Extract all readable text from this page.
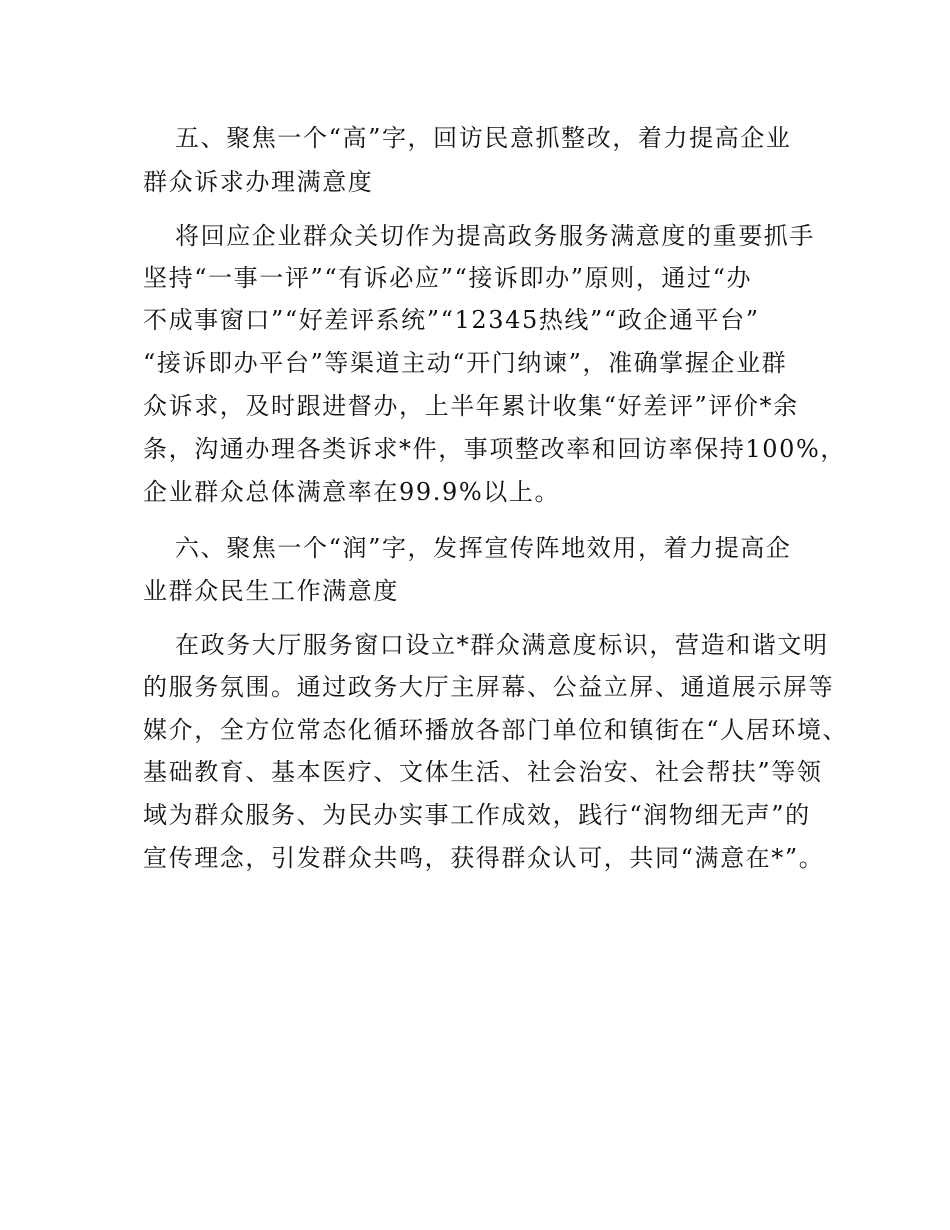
五、聚焦一个“高”字，回访民意抓整改，着力提高企业
群众诉求办理满意度
将回应企业群众关切作为提高政务服务满意度的重要抓手
坚持“一事一评”“有诉必应”“接诉即办”原则，通过“办
不成事窗口”“好差评系统”“12345热线”“政企通平台”
“接诉即办平台”等渠道主动“开门纳谏”，准确掌握企业群
众诉求，及时跟进督办，上半年累计收集“好差评”评价*余
条，沟通办理各类诉求*件，事项整改率和回访率保持100%，
企业群众总体满意率在99.9%以上。
六、聚焦一个“润”字，发挥宣传阵地效用，着力提高企
业群众民生工作满意度
在政务大厅服务窗口设立*群众满意度标识，营造和谐文明
的服务氛围。通过政务大厅主屏幕、公益立屏、通道展示屏等
媒介，全方位常态化循环播放各部门单位和镇街在“人居环境、
基础教育、基本医疗、文体生活、社会治安、社会帮扶”等领
域为群众服务、为民办实事工作成效，践行“润物细无声”的
宣传理念，引发群众共鸣，获得群众认可，共同“满意在*”。
